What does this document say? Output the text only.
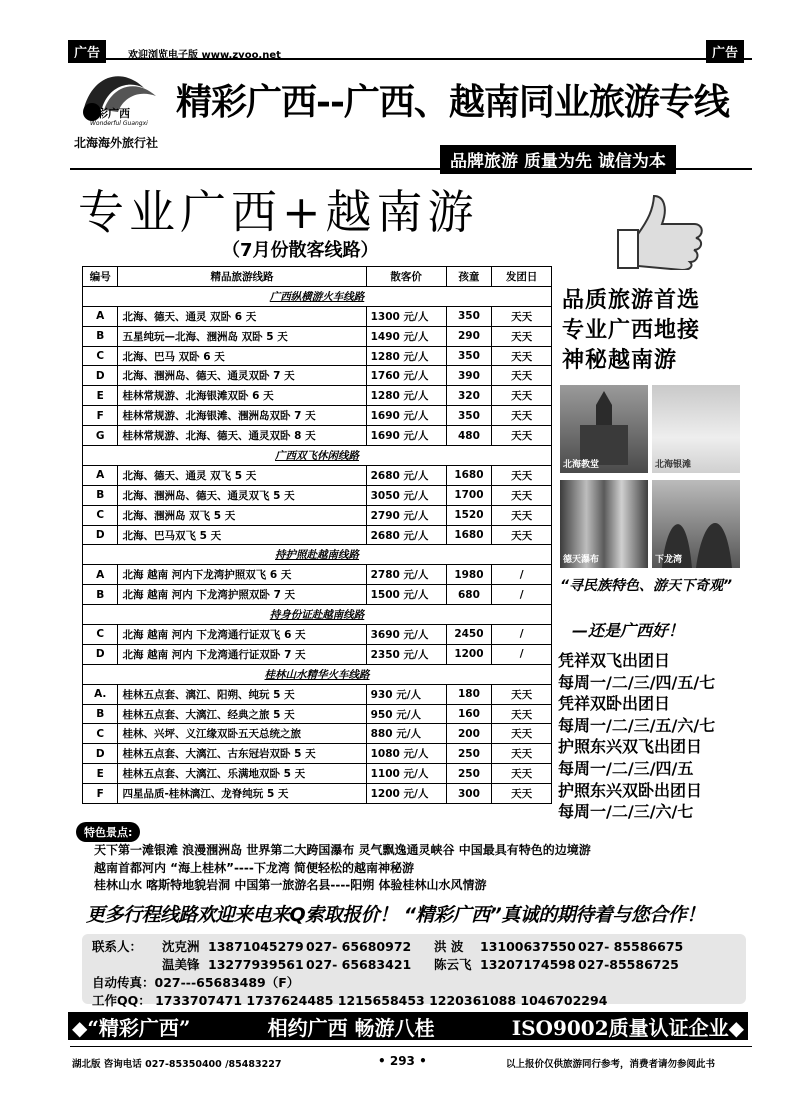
广告	欢迎浏览电子版 www.zyoo.net	广告
精彩广西
Wonderful Guangxi
北海海外旅行社
精彩广西--广西、越南同业旅游专线
品牌旅游 质量为先 诚信为本
专业广西+越南游
（7月份散客线路）
编号	精品旅游线路	散客价	孩童	发团日
广西纵横游火车线路				
A	北海、德天、通灵 双卧 6 天	1300 元/人	350	天天
B	五星纯玩—北海、涠洲岛 双卧 5 天	1490 元/人	290	天天
C	北海、巴马 双卧 6 天	1280 元/人	350	天天
D	北海、涠洲岛、德天、通灵双卧 7 天	1760 元/人	390	天天
E	桂林常规游、北海银滩双卧 6 天	1280 元/人	320	天天
F	桂林常规游、北海银滩、涠洲岛双卧 7 天	1690 元/人	350	天天
G	桂林常规游、北海、德天、通灵双卧 8 天	1690 元/人	480	天天
广西双飞休闲线路				
A	北海、德天、通灵 双飞 5 天	2680 元/人	1680	天天
B	北海、涠洲岛、德天、通灵双飞 5 天	3050 元/人	1700	天天
C	北海、涠洲岛 双飞 5 天	2790 元/人	1520	天天
D	北海、巴马双飞 5 天	2680 元/人	1680	天天
持护照赴越南线路				
A	北海 越南 河内下龙湾护照双飞 6 天	2780 元/人	1980	/
B	北海 越南 河内 下龙湾护照双卧 7 天	1500 元/人	680	/
持身份证赴越南线路				
C	北海 越南 河内 下龙湾通行证双飞 6 天	3690 元/人	2450	/
D	北海 越南 河内 下龙湾通行证双卧 7 天	2350 元/人	1200	/
桂林山水精华火车线路				
A.	桂林五点套、漓江、阳朔、纯玩 5 天	930 元/人	180	天天
B	桂林五点套、大漓江、经典之旅 5 天	950 元/人	160	天天
C	桂林、兴坪、义江缘双卧五天总统之旅	880 元/人	200	天天
D	桂林五点套、大漓江、古东冠岩双卧 5 天	1080 元/人	250	天天
E	桂林五点套、大漓江、乐满地双卧 5 天	1100 元/人	250	天天
F	四星品质-桂林漓江、龙脊纯玩 5 天	1200 元/人	300	天天
品质旅游首选
专业广西地接
神秘越南游
北海教堂	北海银滩
德天瀑布	下龙湾
“寻民族特色、游天下奇观”
—还是广西好！
凭祥双飞出团日
每周一/二/三/四/五/七
凭祥双卧出团日
每周一/二/三/五/六/七
护照东兴双飞出团日
每周一/二/三/四/五
护照东兴双卧出团日
每周一/二/三/六/七
特色景点:
天下第一滩银滩 浪漫涠洲岛 世界第二大跨国瀑布 灵气飘逸通灵峡谷 中国最具有特色的边境游
越南首都河内 “海上桂林”----下龙湾 简便轻松的越南神秘游
桂林山水 喀斯特地貌岩洞 中国第一旅游名县----阳朔 体验桂林山水风情游
更多行程线路欢迎来电来Q索取报价！ “精彩广西”真诚的期待着与您合作！
联系人： 沈克洲 13871045279 027- 65680972 洪 波 13100637550 027- 85586675
温美锋 13277939561 027- 65683421 陈云飞 13207174598 027-85586725
自动传真：027---65683489（F）
工作QQ： 1733707471 1737624485 1215658453 1220361088 1046702294
◆“精彩广西”	相约广西 畅游八桂	ISO9002质量认证企业◆
湖北版 咨询电话 027-85350400 /85483227	• 293 •	以上报价仅供旅游同行参考，消费者请勿参阅此书
